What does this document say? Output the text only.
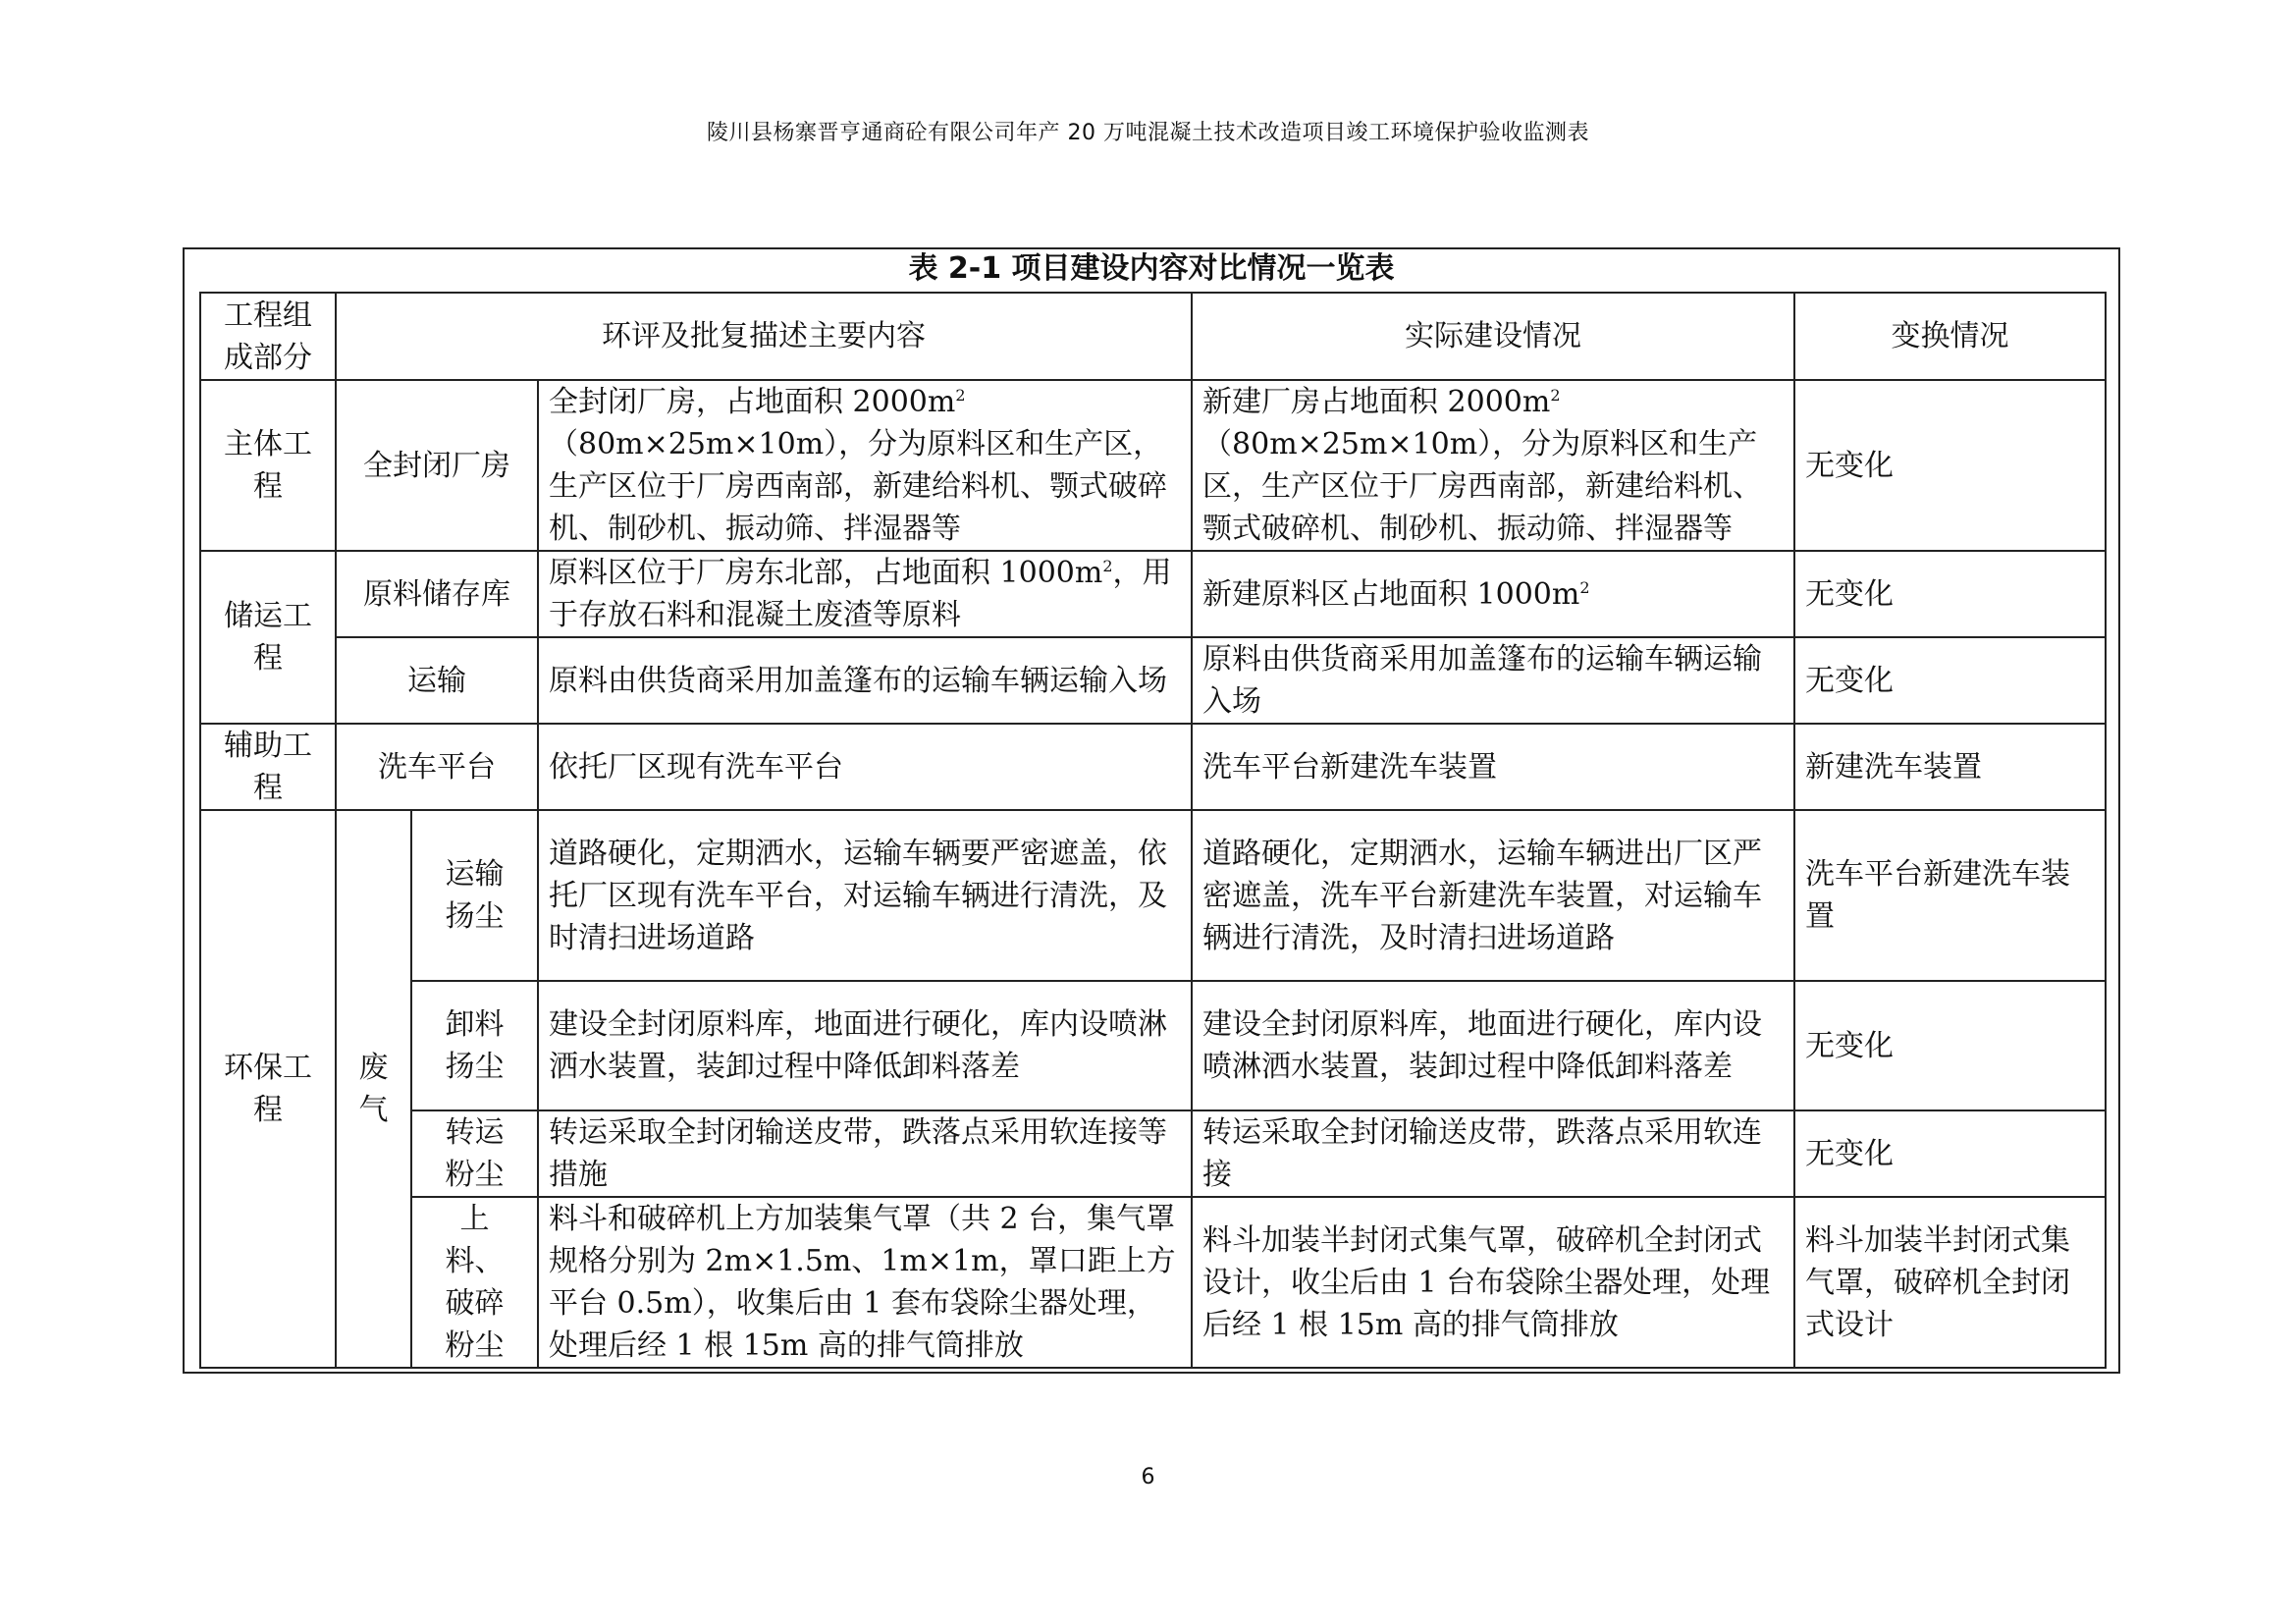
陵川县杨寨晋亨通商砼有限公司年产 20 万吨混凝土技术改造项目竣工环境保护验收监测表
表 2-1 项目建设内容对比情况一览表
工程组成部分	环评及批复描述主要内容			实际建设情况	变换情况
主体工程	全封闭厂房		全封闭厂房，占地面积 $2000m^2(80m\times 25m\times 10m)$，分为原料区和生产区，生产区位于厂房西南部，新建给料机、颚式破碎机、制砂机、振动筛、拌湿器等	新建厂房占地面积 $2000m^2(80m\times 25m\times 10m)$，分为原料区和生产区，生产区位于厂房西南部，新建给料机、颚式破碎机、制砂机、振动筛、拌湿器等	无变化
储运工程	原料储存库		原料区位于厂房东北部，占地面积 $1000m^2$，用于存放石料和混凝土废渣等原料	新建原料区占地面积 $1000m^2$	无变化
	运输		原料由供货商采用加盖篷布的运输车辆运输入场	原料由供货商采用加盖篷布的运输车辆运输入场	无变化
辅助工程	洗车平台		依托厂区现有洗车平台	洗车平台新建洗车装置	新建洗车装置
环保工程	废气	运输扬尘	道路硬化，定期洒水，运输车辆要严密遮盖，依托厂区现有洗车平台，对运输车辆进行清洗，及时清扫进场道路	道路硬化，定期洒水，运输车辆进出厂区严密遮盖，洗车平台新建洗车装置，对运输车辆进行清洗，及时清扫进场道路	洗车平台新建洗车装置
		卸料扬尘	建设全封闭原料库，地面进行硬化，库内设喷淋洒水装置，装卸过程中降低卸料落差	建设全封闭原料库，地面进行硬化，库内设喷淋洒水装置，装卸过程中降低卸料落差	无变化
		转运粉尘	转运采取全封闭输送皮带，跌落点采用软连接等措施	转运采取全封闭输送皮带，跌落点采用软连接	无变化
		上料、破碎粉尘	料斗和破碎机上方加装集气罩（共 2 台，集气罩规格分别为 2m×1.5m、1m×1m，罩口距上方平台 0.5m），收集后由 1 套布袋除尘器处理，处理后经 1 根 15m 高的排气筒排放	料斗加装半封闭式集气罩，破碎机全封闭式设计，收尘后由 1 台布袋除尘器处理，处理后经 1 根 15m 高的排气筒排放	料斗加装半封闭式集气罩，破碎机全封闭式设计
6
